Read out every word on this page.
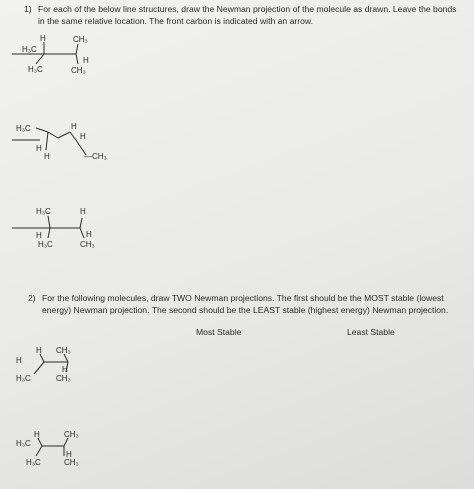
1) For each of the below line structures, draw the Newman projection of the molecule as drawn. Leave the bonds
in the same relative location. The front carbon is indicated with an arrow.
2) For the following molecules, draw TWO Newman projections. The first should be the MOST stable (lowest
energy) Newman projection. The second should be the LEAST stable (highest energy) Newman projection.
Most Stable	Least Stable
H	CH₃
H₃C
H
H₃C	CH₃
H₃C	H
H
H
H	—CH₃
H₃C	H
H	H
H₃C	CH₃
H CH₃
H
H
H₃C	CH₃
H	CH₃
H₃C
H
H₃C	CH₃
